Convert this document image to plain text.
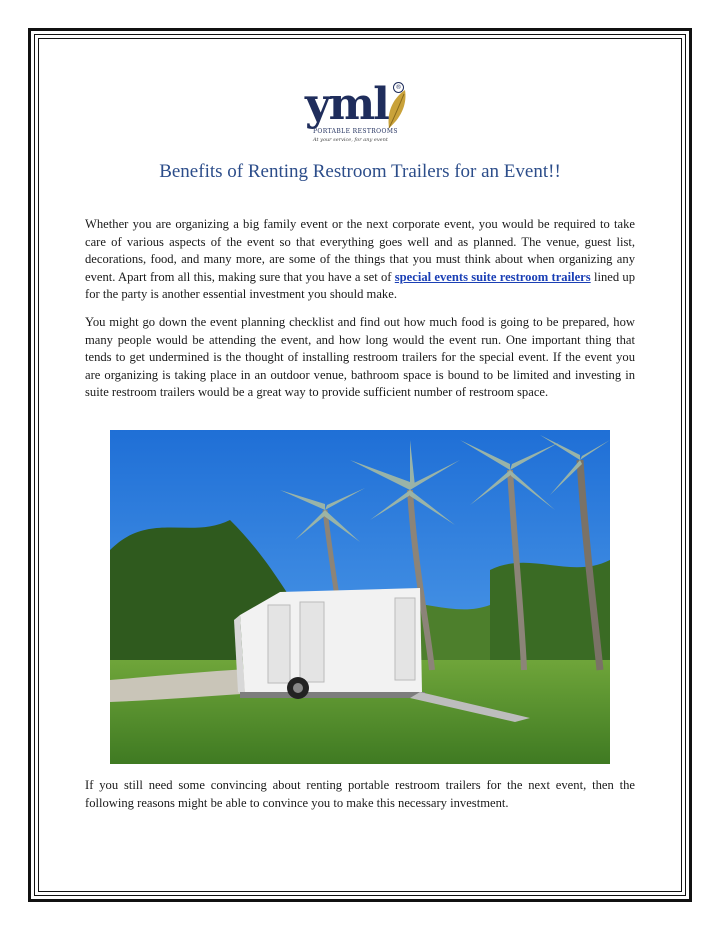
yml	®
PORTABLE RESTROOMS
At your service, for any event
Benefits of Renting Restroom Trailers for an Event!!

Whether you are organizing a big family event or the next corporate event, you would be required to take care of various aspects of the event so that everything goes well and as planned. The venue, guest list, decorations, food, and many more, are some of the things that you must think about when organizing any event. Apart from all this, making sure that you have a set of special events suite restroom trailers lined up for the party is another essential investment you should make.

You might go down the event planning checklist and find out how much food is going to be prepared, how many people would be attending the event, and how long would the event run. One important thing that tends to get undermined is the thought of installing restroom trailers for the special event. If the event you are organizing is taking place in an outdoor venue, bathroom space is bound to be limited and investing in suite restroom trailers would be a great way to provide sufficient number of restroom space.

If you still need some convincing about renting portable restroom trailers for the next event, then the following reasons might be able to convince you to make this necessary investment.
